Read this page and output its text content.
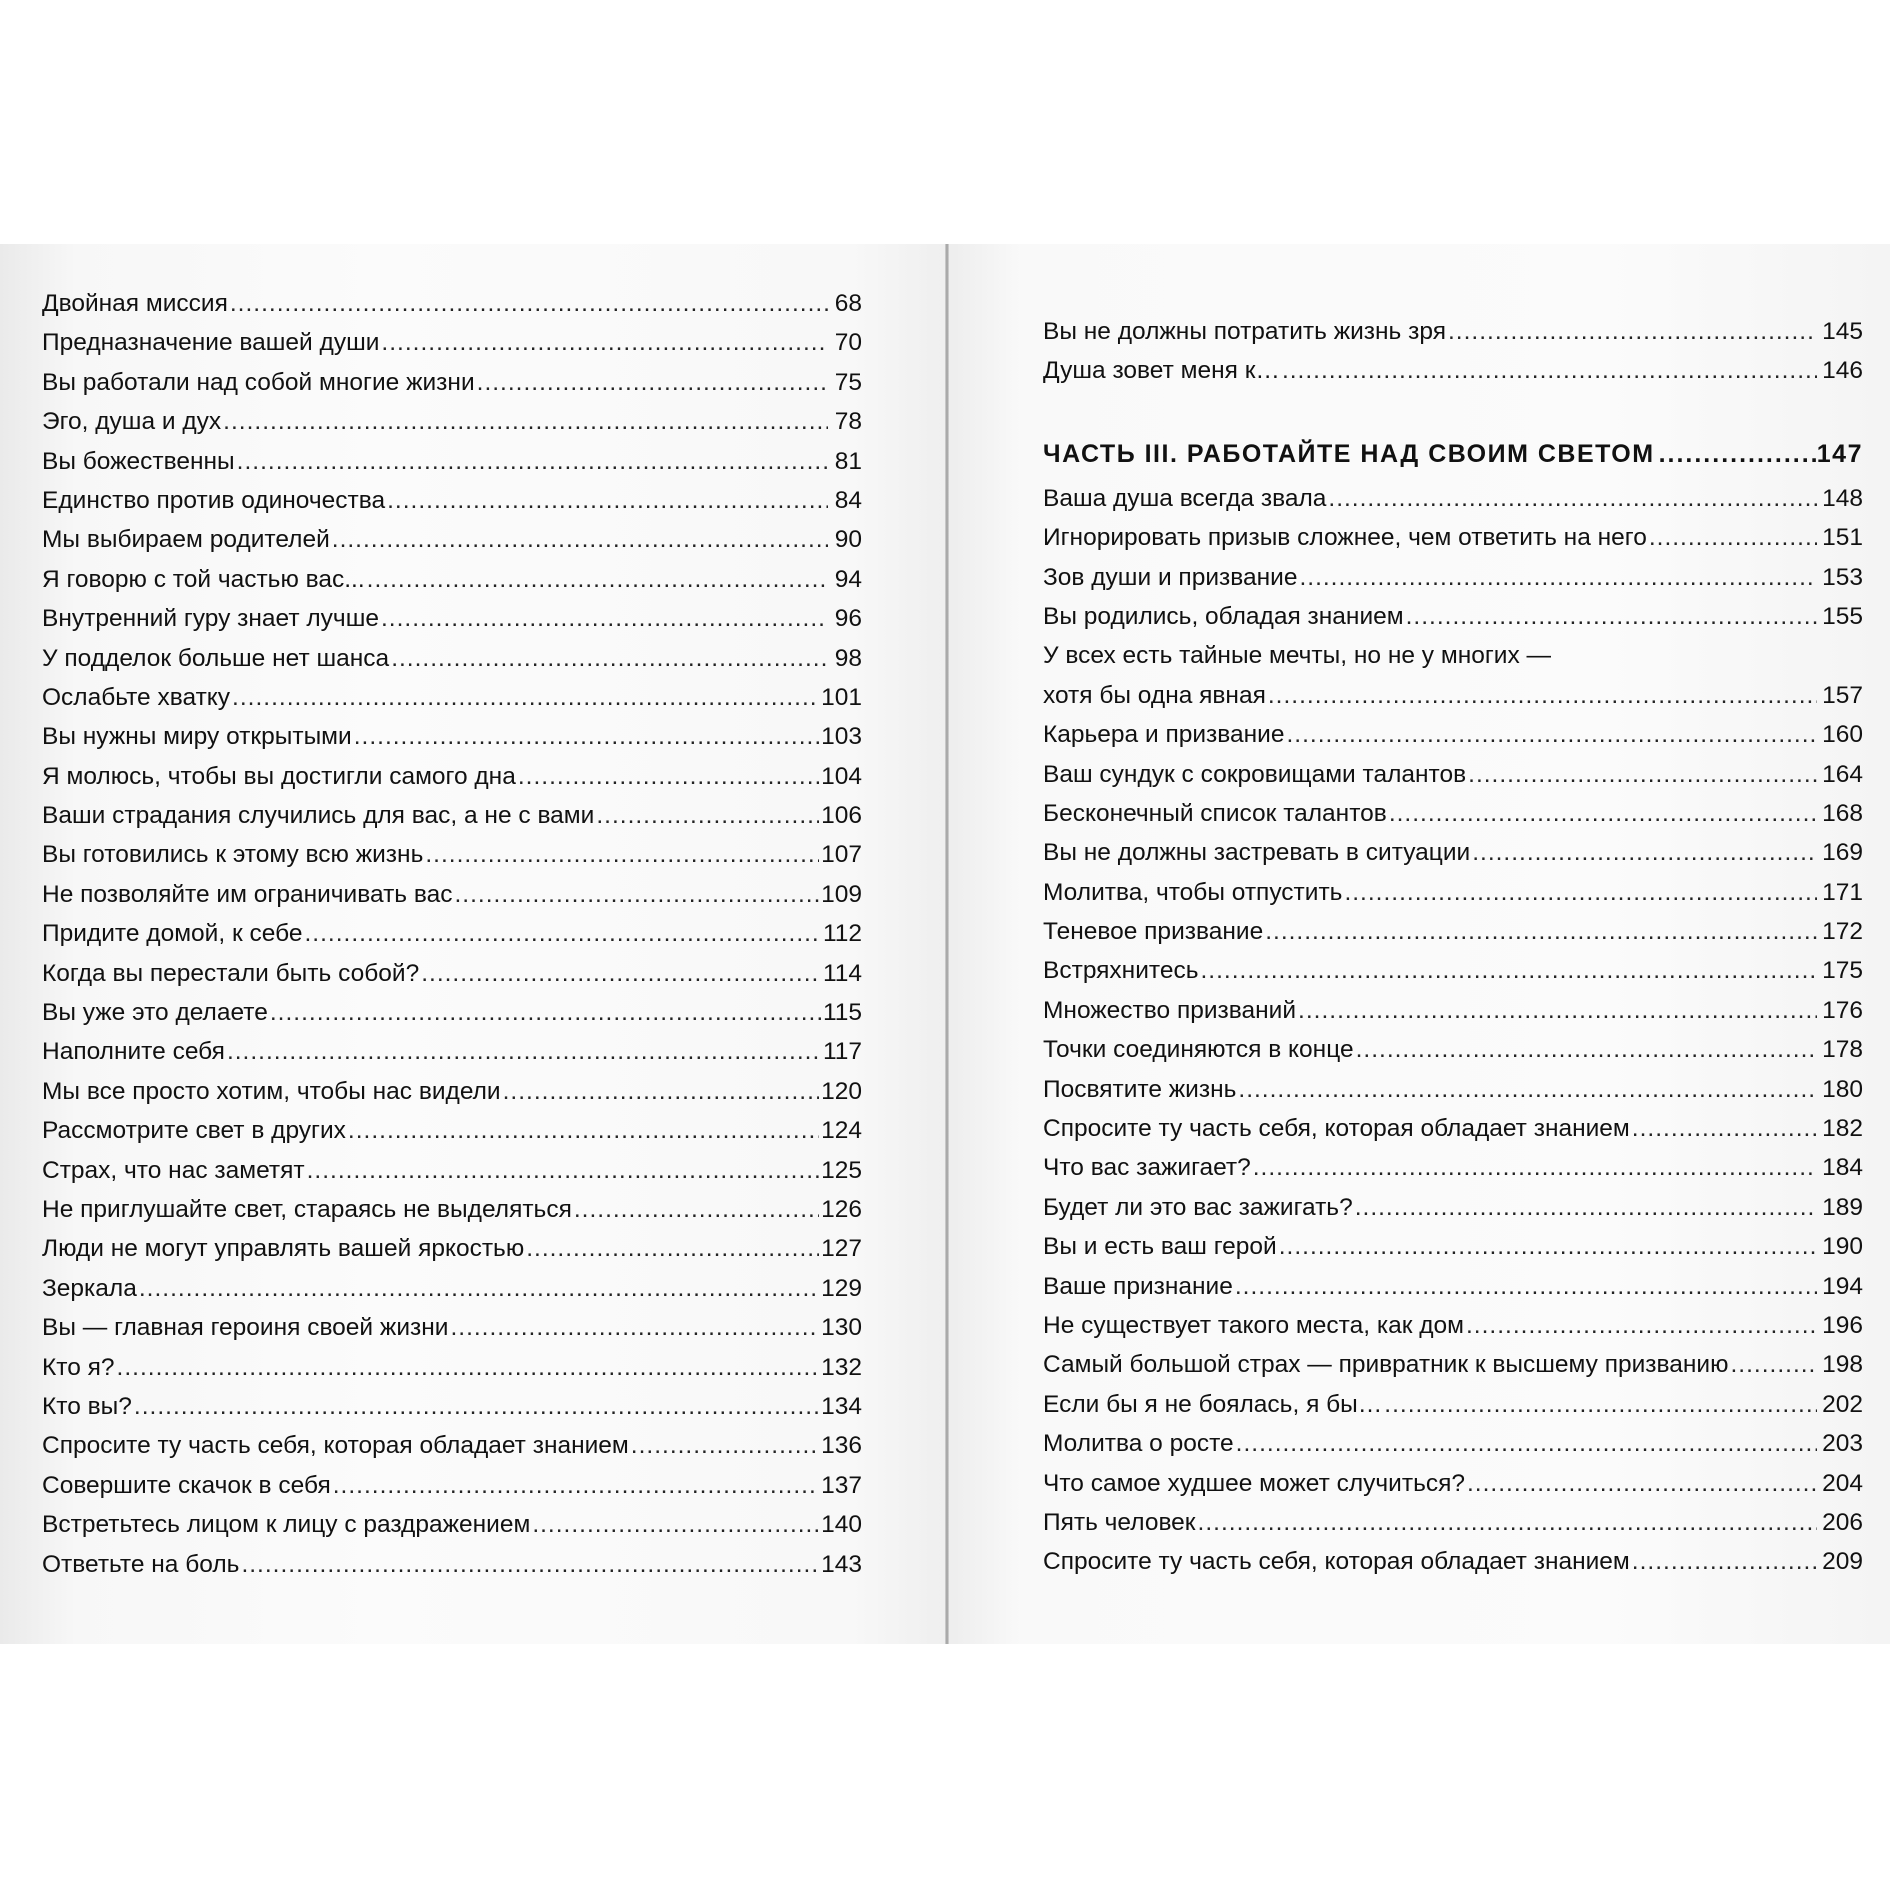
Двойная миссия .....	68
Предназначение вашей души .....	70
Вы работали над собой многие жизни .....	75
Эго, душа и дух .....	78
Вы божественны .....	81
Единство против одиночества .....	84
Мы выбираем родителей .....	90
Я говорю с той частью вас... .....	94
Внутренний гуру знает лучше .....	96
У подделок больше нет шанса .....	98
Ослабьте хватку .....	101
Вы нужны миру открытыми .....	103
Я молюсь, чтобы вы достигли самого дна .....	104
Ваши страдания случились для вас, а не с вами .....	106
Вы готовились к этому всю жизнь .....	107
Не позволяйте им ограничивать вас .....	109
Придите домой, к себе .....	112
Когда вы перестали быть собой? .....	114
Вы уже это делаете .....	115
Наполните себя .....	117
Мы все просто хотим, чтобы нас видели .....	120
Рассмотрите свет в других .....	124
Страх, что нас заметят .....	125
Не приглушайте свет, стараясь не выделяться .....	126
Люди не могут управлять вашей яркостью .....	127
Зеркала .....	129
Вы — главная героиня своей жизни .....	130
Кто я? .....	132
Кто вы? .....	134
Спросите ту часть себя, которая обладает знанием .....	136
Совершите скачок в себя .....	137
Встретьтесь лицом к лицу с раздражением .....	140
Ответьте на боль .....	143
Вы не должны потратить жизнь зря .....	145
Душа зовет меня к… .....	146
ЧАСТЬ III. РАБОТАЙТЕ НАД СВОИМ СВЕТОМ .....	147
Ваша душа всегда звала .....	148
Игнорировать призыв сложнее, чем ответить на него .....	151
Зов души и призвание .....	153
Вы родились, обладая знанием .....	155
У всех есть тайные мечты, но не у многих —
хотя бы одна явная .....	157
Карьера и призвание .....	160
Ваш сундук с сокровищами талантов .....	164
Бесконечный список талантов .....	168
Вы не должны застревать в ситуации .....	169
Молитва, чтобы отпустить .....	171
Теневое призвание .....	172
Встряхнитесь .....	175
Множество призваний .....	176
Точки соединяются в конце .....	178
Посвятите жизнь .....	180
Спросите ту часть себя, которая обладает знанием .....	182
Что вас зажигает? .....	184
Будет ли это вас зажигать? .....	189
Вы и есть ваш герой .....	190
Ваше признание .....	194
Не существует такого места, как дом .....	196
Самый большой страх — привратник к высшему призванию .....	198
Если бы я не боялась, я бы… .....	202
Молитва о росте .....	203
Что самое худшее может случиться? .....	204
Пять человек .....	206
Спросите ту часть себя, которая обладает знанием .....	209
